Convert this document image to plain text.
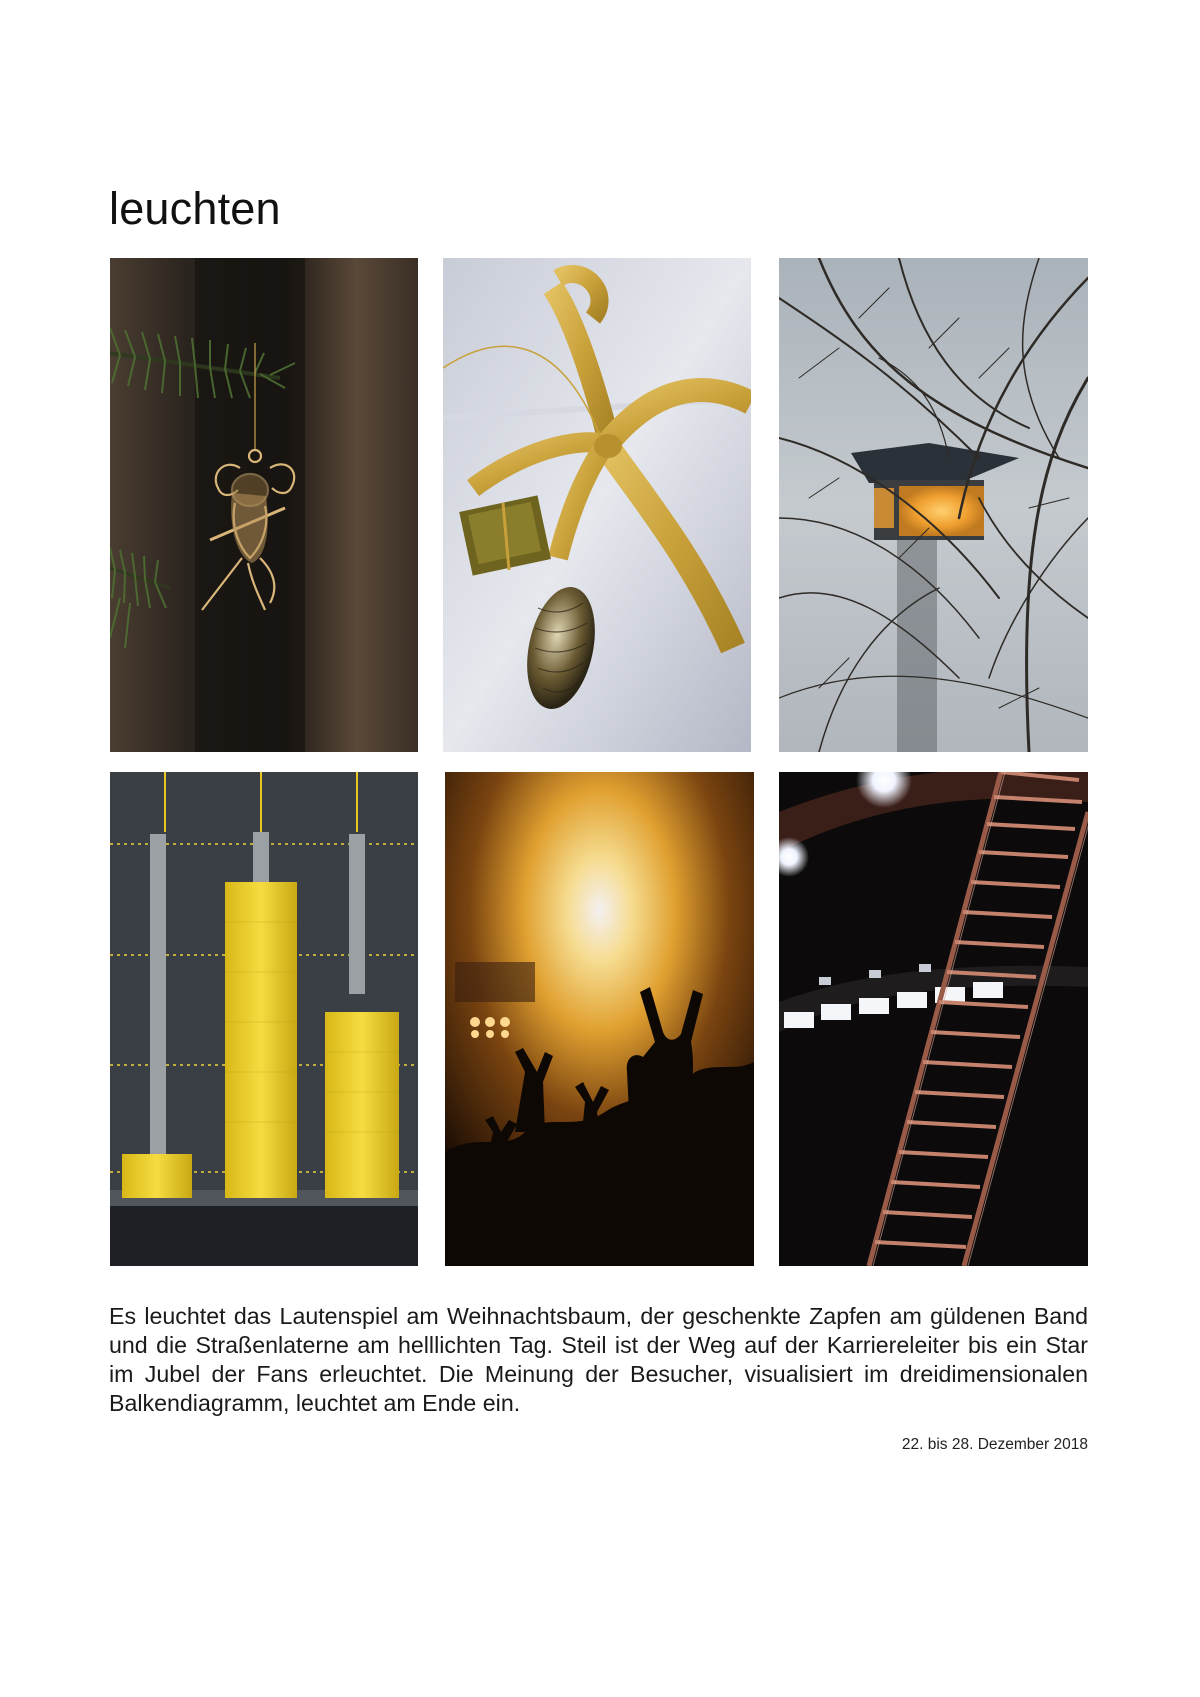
leuchten

Es leuchtet das Lautenspiel am Weihnachtsbaum, der geschenkte Zapfen am güldenen Band und die Straßenlaterne am helllichten Tag. Steil ist der Weg auf der Karriereleiter bis ein Star im Jubel der Fans erleuchtet. Die Meinung der Besucher, visualisiert im dreidimensionalen Balkendiagramm, leuchtet am Ende ein.

22. bis 28. Dezember 2018
